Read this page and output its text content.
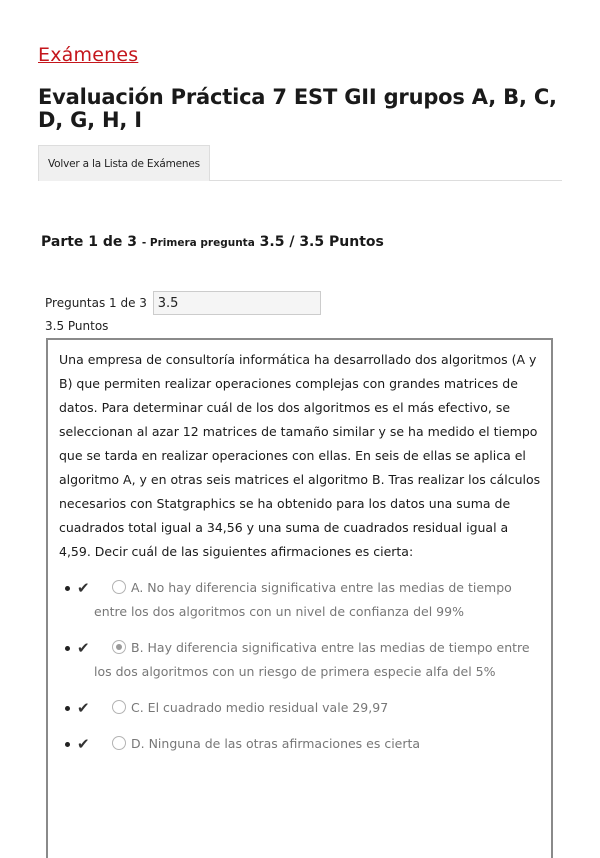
Exámenes
Evaluación Práctica 7 EST GII grupos A, B, C, D, G, H, I
Volver a la Lista de Exámenes
Parte 1 de 3 - Primera pregunta 3.5 / 3.5 Puntos
Preguntas 1 de 3 3.5
3.5 Puntos

Una empresa de consultoría informática ha desarrollado dos algoritmos (A y B) que permiten realizar operaciones complejas con grandes matrices de datos. Para determinar cuál de los dos algoritmos es el más efectivo, se seleccionan al azar 12 matrices de tamaño similar y se ha medido el tiempo que se tarda en realizar operaciones con ellas. En seis de ellas se aplica el algoritmo A, y en otras seis matrices el algoritmo B. Tras realizar los cálculos necesarios con Statgraphics se ha obtenido para los datos una suma de cuadrados total igual a 34,56 y una suma de cuadrados residual igual a 4,59. Decir cuál de las siguientes afirmaciones es cierta:

✔	A. No hay diferencia significativa entre las medias de tiempo entre los dos algoritmos con un nivel de confianza del 99%
✔	B. Hay diferencia significativa entre las medias de tiempo entre los dos algoritmos con un riesgo de primera especie alfa del 5%
✔	C. El cuadrado medio residual vale 29,97
✔	D. Ninguna de las otras afirmaciones es cierta
